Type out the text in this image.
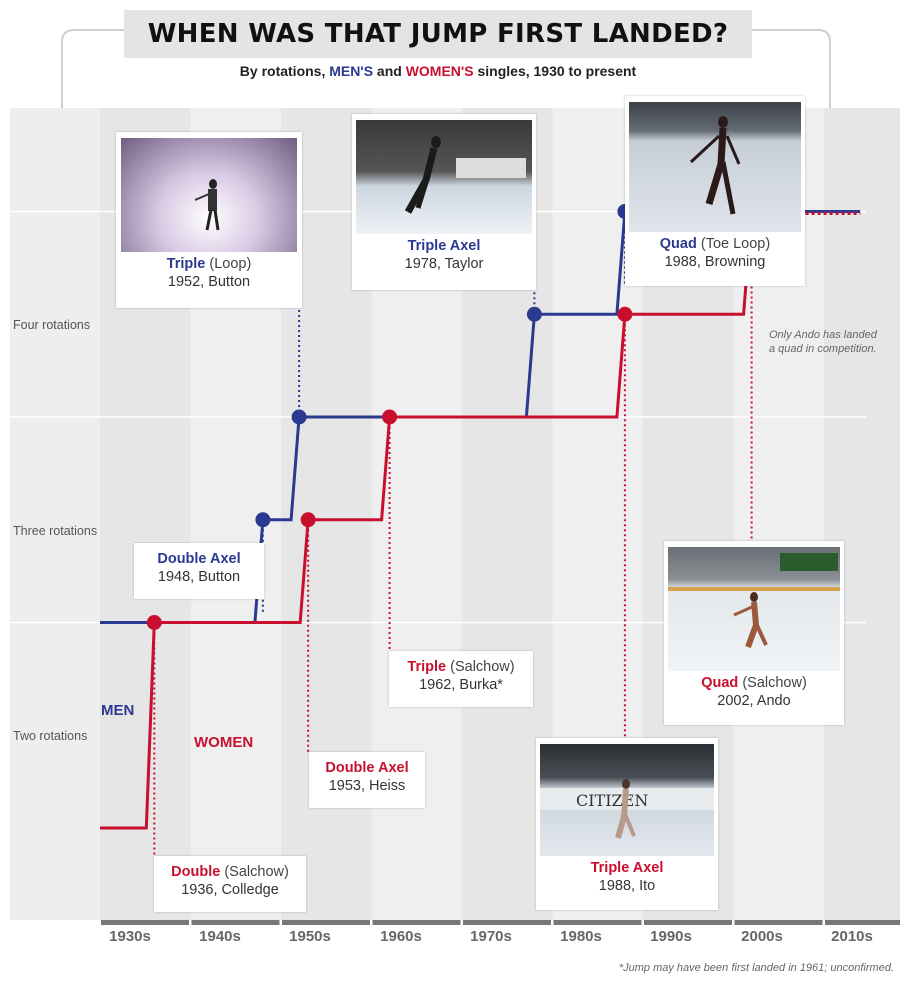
WHEN WAS THAT JUMP FIRST LANDED?
By rotations, MEN'S and WOMEN'S singles, 1930 to present
Four rotations
Three rotations
Two rotations
1930s	1940s	1950s	1960s	1970s	1980s	1990s	2000s	2010s
MEN
WOMEN
Only Ando has landed a quad in competition.
*Jump may have been first landed in 1961; unconfirmed.
Triple (Loop)
1952, Button
Triple Axel
1978, Taylor
Quad (Toe Loop)
1988, Browning
Double Axel
1948, Button
Triple (Salchow)
1962, Burka*
Double Axel
1953, Heiss
Double (Salchow)
1936, Colledge
CITIZEN
Triple Axel
1988, Ito
Quad (Salchow)
2002, Ando
